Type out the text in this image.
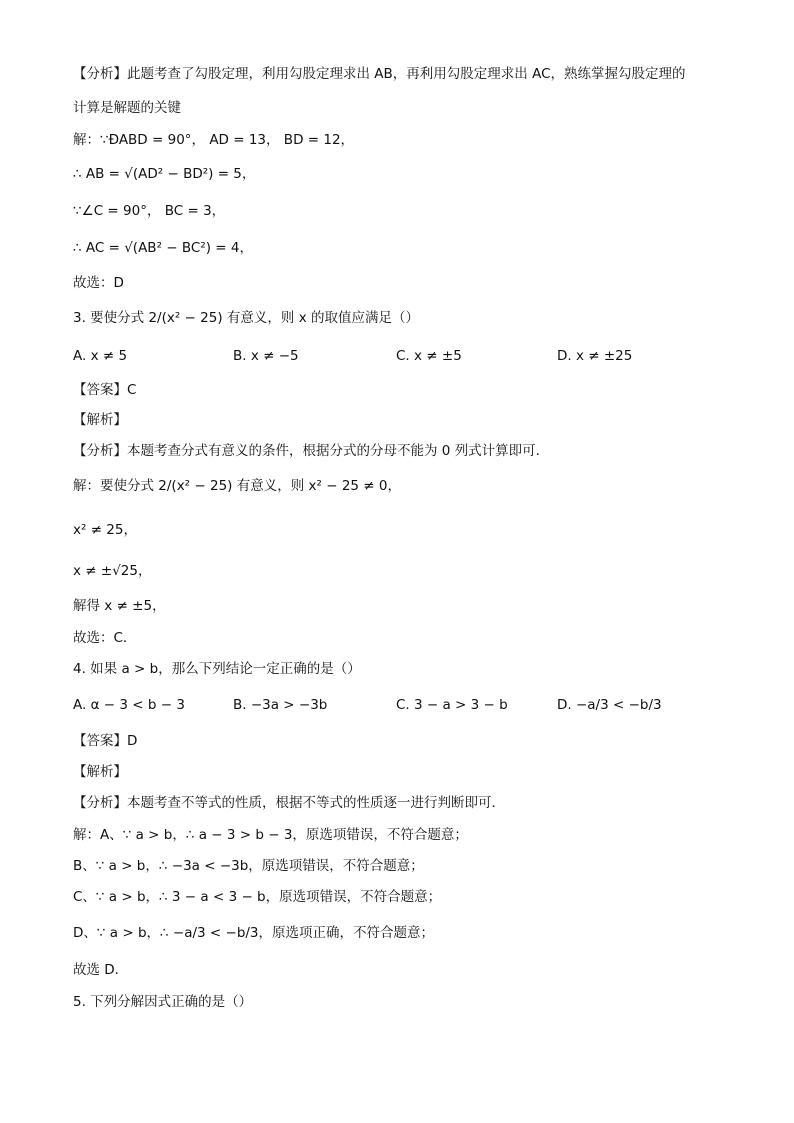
【分析】此题考查了勾股定理，利用勾股定理求出 AB，再利用勾股定理求出 AC，熟练掌握勾股定理的
计算是解题的关键
解：∵ĐABD = 90°， AD = 13， BD = 12，
∴ AB = √(AD² − BD²) = 5，
∵∠C = 90°， BC = 3，
∴ AC = √(AB² − BC²) = 4，
故选：D
3. 要使分式 2/(x² − 25) 有意义，则 x 的取值应满足（）
A. x ≠ 5	B. x ≠ −5	C. x ≠ ±5	D. x ≠ ±25
【答案】C
【解析】
【分析】本题考查分式有意义的条件，根据分式的分母不能为 0 列式计算即可．
解：要使分式 2/(x² − 25) 有意义，则 x² − 25 ≠ 0，
x² ≠ 25，
x ≠ ±√25，
解得 x ≠ ±5，
故选：C．
4. 如果 a > b，那么下列结论一定正确的是（）
A. α − 3 < b − 3	B. −3a > −3b	C. 3 − a > 3 − b	D. −a/3 < −b/3
【答案】D
【解析】
【分析】本题考查不等式的性质，根据不等式的性质逐一进行判断即可．
解：A、∵ a > b，∴ a − 3 > b − 3，原选项错误，不符合题意；
B、∵ a > b，∴ −3a < −3b，原选项错误，不符合题意；
C、∵ a > b，∴ 3 − a < 3 − b，原选项错误，不符合题意；
D、∵ a > b，∴ −a/3 < −b/3，原选项正确，不符合题意；
故选 D．
5. 下列分解因式正确的是（）
